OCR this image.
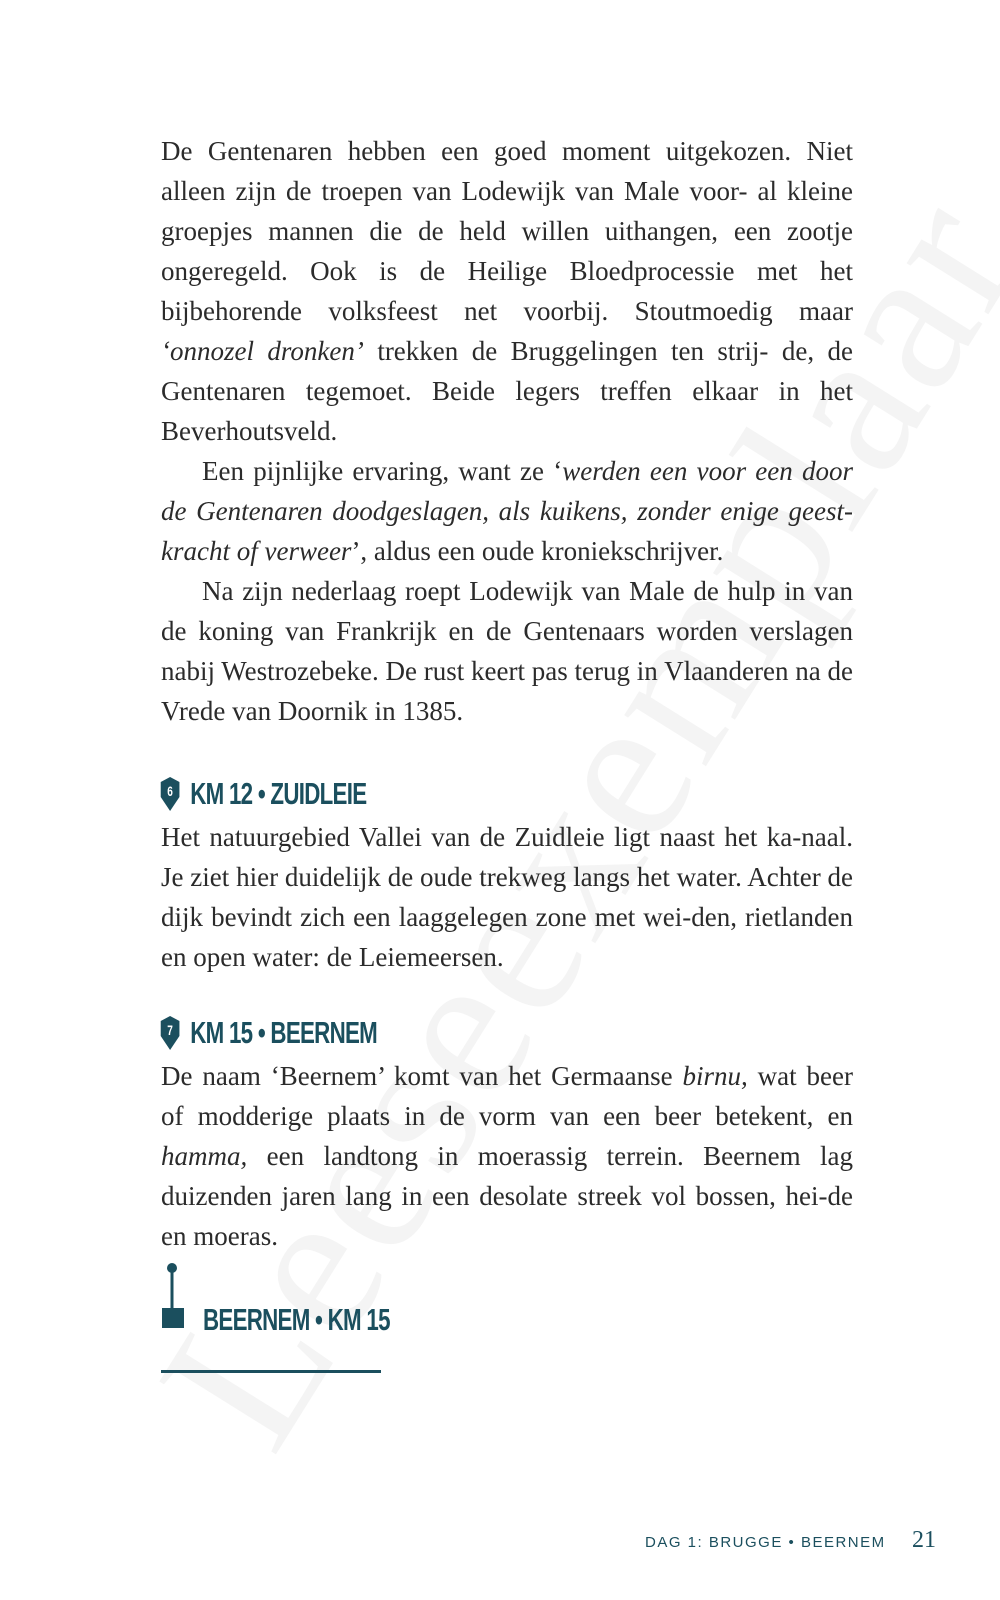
De Gentenaren hebben een goed moment uitgekozen. Niet alleen zijn de troepen van Lodewijk van Male voor- al kleine groepjes mannen die de held willen uithangen, een zootje ongeregeld. Ook is de Heilige Bloedprocessie met het bijbehorende volksfeest net voorbij. Stoutmoedig maar ‘onnozel dronken’ trekken de Bruggelingen ten strij- de, de Gentenaren tegemoet. Beide legers treffen elkaar in het Beverhoutsveld.

Een pijnlijke ervaring, want ze ‘werden een voor een door de Gentenaren doodgeslagen, als kuikens, zonder enige geest-kracht of verweer’, aldus een oude kroniekschrijver.

Na zijn nederlaag roept Lodewijk van Male de hulp in van de koning van Frankrijk en de Gentenaars worden verslagen nabij Westrozebeke. De rust keert pas terug in Vlaanderen na de Vrede van Doornik in 1385.

6 KM 12 • ZUIDLEIE

Het natuurgebied Vallei van de Zuidleie ligt naast het ka-naal. Je ziet hier duidelijk de oude trekweg langs het water. Achter de dijk bevindt zich een laaggelegen zone met wei-den, rietlanden en open water: de Leiemeersen.

7 KM 15 • BEERNEM

De naam ‘Beernem’ komt van het Germaanse birnu, wat beer of modderige plaats in de vorm van een beer betekent, en hamma, een landtong in moerassig terrein. Beernem lag duizenden jaren lang in een desolate streek vol bossen, hei-de en moeras.

BEERNEM • KM 15
DAG 1: BRUGGE • BEERNEM 21
